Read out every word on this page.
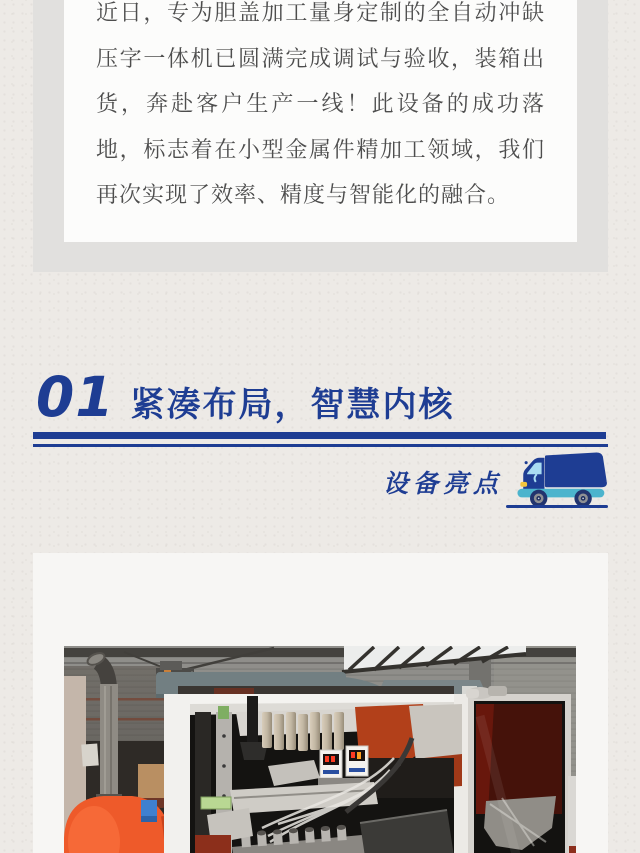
近日，专为胆盖加工量身定制的全自动冲缺压字一体机已圆满完成调试与验收，装箱出货，奔赴客户生产一线！此设备的成功落地，标志着在小型金属件精加工领域，我们再次实现了效率、精度与智能化的融合。

01 紧凑布局，智慧内核
设备亮点
